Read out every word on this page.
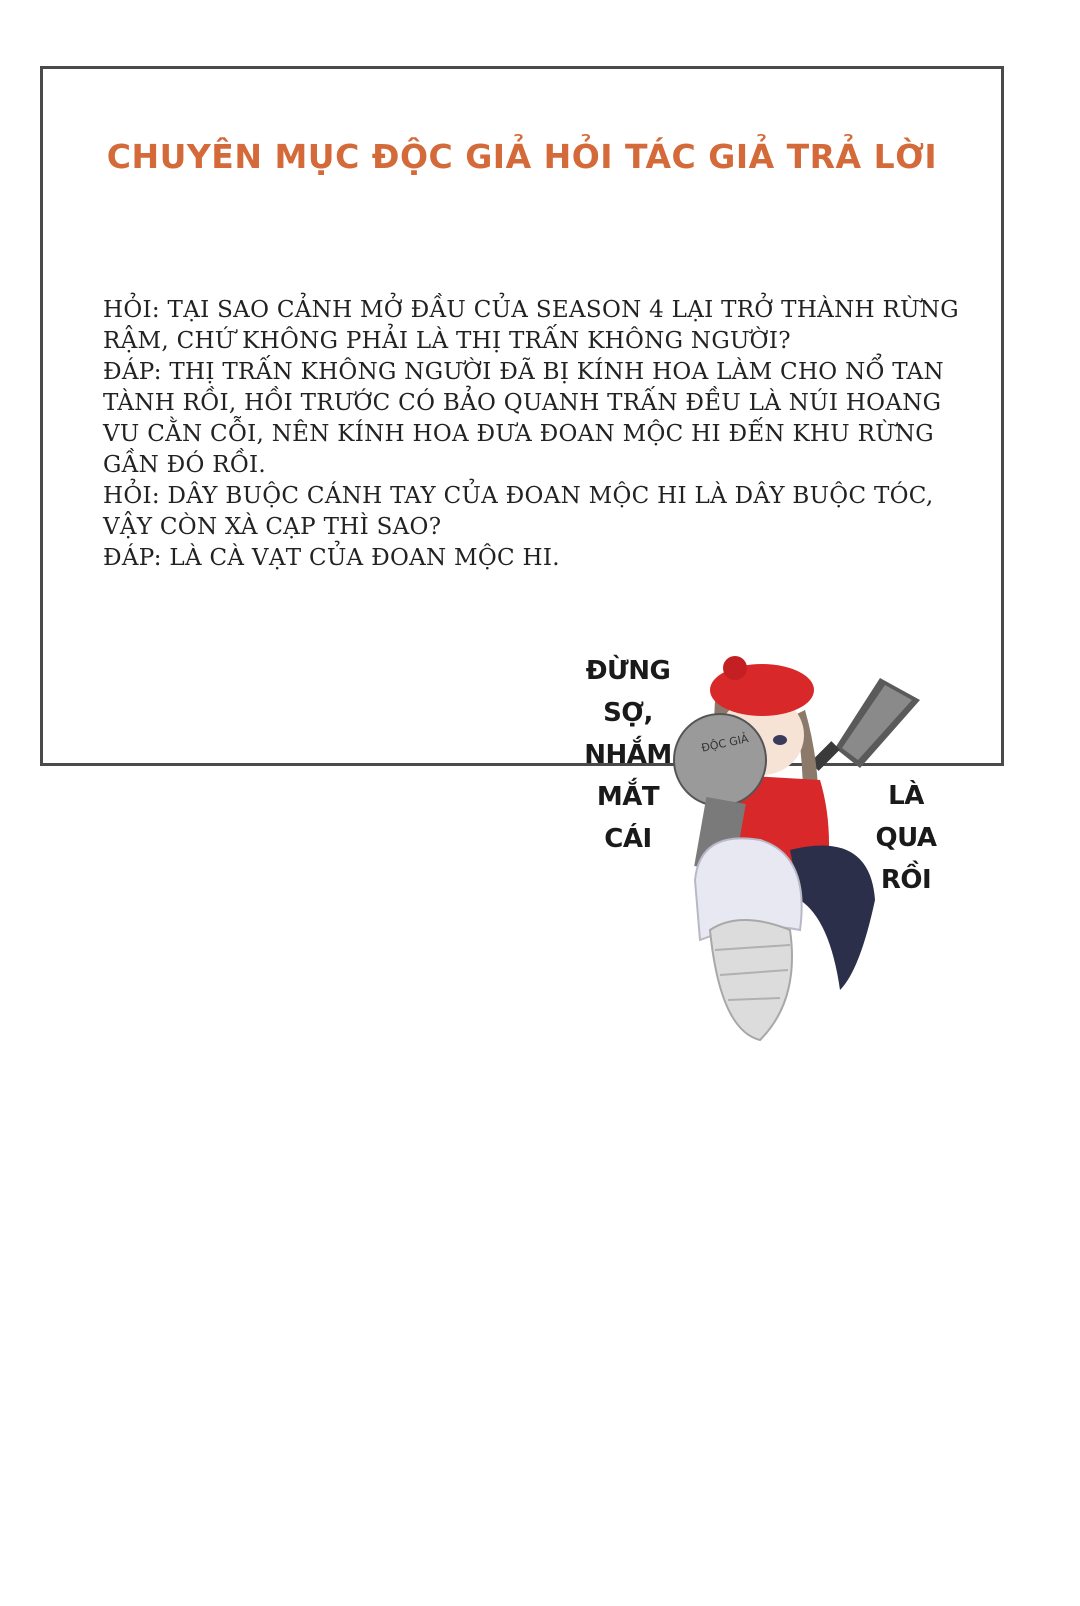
CHUYÊN MỤC ĐỘC GIẢ HỎI TÁC GIẢ TRẢ LỜI

HỎI: TẠI SAO CẢNH MỞ ĐẦU CỦA SEASON 4 LẠI TRỞ THÀNH RỪNG RẬM, CHỨ KHÔNG PHẢI LÀ THỊ TRẤN KHÔNG NGƯỜI?

ĐÁP: THỊ TRẤN KHÔNG NGƯỜI ĐÃ BỊ KÍNH HOA LÀM CHO NỔ TAN TÀNH RỒI, HỒI TRƯỚC CÓ BẢO QUANH TRẤN ĐỀU LÀ NÚI HOANG VU CẰN CỖI, NÊN KÍNH HOA ĐƯA ĐOAN MỘC HI ĐẾN KHU RỪNG GẦN ĐÓ RỒI.

HỎI: DÂY BUỘC CÁNH TAY CỦA ĐOAN MỘC HI LÀ DÂY BUỘC TÓC, VẬY CÒN XÀ CẠP THÌ SAO?

ĐÁP: LÀ CÀ VẠT CỦA ĐOAN MỘC HI.

ĐỘC GIẢ
ĐỪNG
SỢ,
NHẮM
MẮT
CÁI
LÀ
QUA
RỒI
